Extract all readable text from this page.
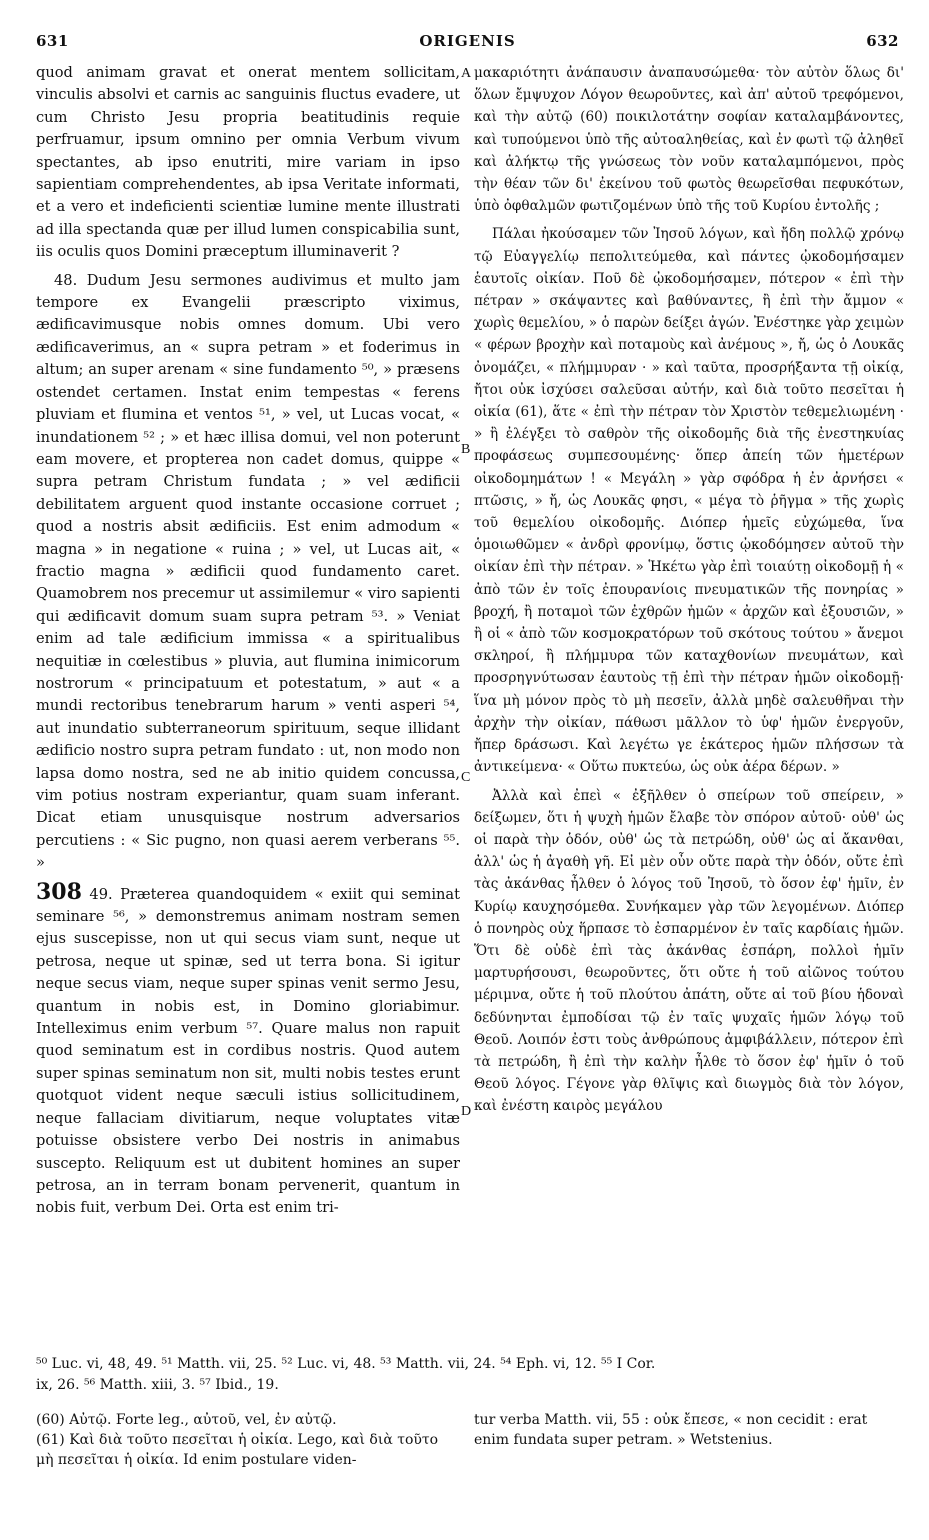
631	ORIGENIS	632

quod animam gravat et onerat mentem sollicitam, vinculis absolvi et carnis ac sanguinis fluctus evadere, ut cum Christo Jesu propria beatitudinis requie perfruamur, ipsum omnino per omnia Verbum vivum spectantes, ab ipso enutriti, mire variam in ipso sapientiam comprehendentes, ab ipsa Veritate informati, et a vero et indeficienti scientiæ lumine mente illustrati ad illa spectanda quæ per illud lumen conspicabilia sunt, iis oculis quos Domini præceptum illuminaverit ?

48. Dudum Jesu sermones audivimus et multo jam tempore ex Evangelii præscripto viximus, ædificavimusque nobis omnes domum. Ubi vero ædificaverimus, an « supra petram » et foderimus in altum; an super arenam « sine fundamento ⁵⁰, » præsens ostendet certamen. Instat enim tempestas « ferens pluviam et flumina et ventos ⁵¹, » vel, ut Lucas vocat, « inundationem ⁵² ; » et hæc illisa domui, vel non poterunt eam movere, et propterea non cadet domus, quippe « supra petram Christum fundata ; » vel ædificii debilitatem arguent quod instante occasione corruet ; quod a nostris absit ædificiis. Est enim admodum « magna » in negatione « ruina ; » vel, ut Lucas ait, « fractio magna » ædificii quod fundamento caret. Quamobrem nos precemur ut assimilemur « viro sapienti qui ædificavit domum suam supra petram ⁵³. » Veniat enim ad tale ædificium immissa « a spiritualibus nequitiæ in cœlestibus » pluvia, aut flumina inimicorum nostrorum « principatuum et potestatum, » aut « a mundi rectoribus tenebrarum harum » venti asperi ⁵⁴, aut inundatio subterraneorum spirituum, seque illidant ædificio nostro supra petram fundato : ut, non modo non lapsa domo nostra, sed ne ab initio quidem concussa, vim potius nostram experiantur, quam suam inferant. Dicat etiam unusquisque nostrum adversarios percutiens : « Sic pugno, non quasi aerem verberans ⁵⁵. »

308 49. Præterea quandoquidem « exiit qui seminat seminare ⁵⁶, » demonstremus animam nostram semen ejus suscepisse, non ut qui secus viam sunt, neque ut petrosa, neque ut spinæ, sed ut terra bona. Si igitur neque secus viam, neque super spinas venit sermo Jesu, quantum in nobis est, in Domino gloriabimur. Intelleximus enim verbum ⁵⁷. Quare malus non rapuit quod seminatum est in cordibus nostris. Quod autem super spinas seminatum non sit, multi nobis testes erunt quotquot vident neque sæculi istius sollicitudinem, neque fallaciam divitiarum, neque voluptates vitæ potuisse obsistere verbo Dei nostris in animabus suscepto. Reliquum est ut dubitent homines an super petrosa, an in terram bonam pervenerit, quantum in nobis fuit, verbum Dei. Orta est enim tri-

A
B
C
D

μακαριότητι ἀνάπαυσιν ἀναπαυσώμεθα· τὸν αὐτὸν ὅλως δι' ὅλων ἔμψυχον Λόγον θεωροῦντες, καὶ ἀπ' αὐτοῦ τρεφόμενοι, καὶ τὴν αὐτῷ (60) ποικιλοτάτην σοφίαν καταλαμβάνοντες, καὶ τυπούμενοι ὑπὸ τῆς αὐτοαληθείας, καὶ ἐν φωτὶ τῷ ἀληθεῖ καὶ ἀλήκτῳ τῆς γνώσεως τὸν νοῦν καταλαμπόμενοι, πρὸς τὴν θέαν τῶν δι' ἐκείνου τοῦ φωτὸς θεωρεῖσθαι πεφυκότων, ὑπὸ ὀφθαλμῶν φωτιζομένων ὑπὸ τῆς τοῦ Κυρίου ἐντολῆς ;

Πάλαι ἠκούσαμεν τῶν Ἰησοῦ λόγων, καὶ ἤδη πολλῷ χρόνῳ τῷ Εὐαγγελίῳ πεπολιτεύμεθα, καὶ πάντες ᾠκοδομήσαμεν ἑαυτοῖς οἰκίαν. Ποῦ δὲ ᾠκοδομήσαμεν, πότερον « ἐπὶ τὴν πέτραν » σκάψαντες καὶ βαθύναντες, ἢ ἐπὶ τὴν ἄμμον « χωρὶς θεμελίου, » ὁ παρὼν δείξει ἀγών. Ἐνέστηκε γὰρ χειμὼν « φέρων βροχὴν καὶ ποταμοὺς καὶ ἀνέμους », ἤ, ὡς ὁ Λουκᾶς ὀνομάζει, « πλήμμυραν · » καὶ ταῦτα, προσρήξαντα τῇ οἰκίᾳ, ἤτοι οὐκ ἰσχύσει σαλεῦσαι αὐτήν, καὶ διὰ τοῦτο πεσεῖται ἡ οἰκία (61), ἅτε « ἐπὶ τὴν πέτραν τὸν Χριστὸν τεθεμελιωμένη · » ἢ ἐλέγξει τὸ σαθρὸν τῆς οἰκοδομῆς διὰ τῆς ἐνεστηκυίας προφάσεως συμπεσουμένης· ὅπερ ἀπείη τῶν ἡμετέρων οἰκοδομημάτων ! « Μεγάλη » γὰρ σφόδρα ἡ ἐν ἀρνήσει « πτῶσις, » ἤ, ὡς Λουκᾶς φησι, « μέγα τὸ ῥῆγμα » τῆς χωρὶς τοῦ θεμελίου οἰκοδομῆς. Διόπερ ἡμεῖς εὐχώμεθα, ἵνα ὁμοιωθῶμεν « ἀνδρὶ φρονίμῳ, ὅστις ᾠκοδόμησεν αὐτοῦ τὴν οἰκίαν ἐπὶ τὴν πέτραν. » Ἡκέτω γὰρ ἐπὶ τοιαύτῃ οἰκοδομῇ ἡ « ἀπὸ τῶν ἐν τοῖς ἐπουρανίοις πνευματικῶν τῆς πονηρίας » βροχή, ἢ ποταμοὶ τῶν ἐχθρῶν ἡμῶν « ἀρχῶν καὶ ἐξουσιῶν, » ἢ οἱ « ἀπὸ τῶν κοσμοκρατόρων τοῦ σκότους τούτου » ἄνεμοι σκληροί, ἢ πλήμμυρα τῶν καταχθονίων πνευμάτων, καὶ προσρηγνύτωσαν ἑαυτοὺς τῇ ἐπὶ τὴν πέτραν ἡμῶν οἰκοδομῇ· ἵνα μὴ μόνον πρὸς τὸ μὴ πεσεῖν, ἀλλὰ μηδὲ σαλευθῆναι τὴν ἀρχὴν τὴν οἰκίαν, πάθωσι μᾶλλον τὸ ὑφ' ἡμῶν ἐνεργοῦν, ἤπερ δράσωσι. Καὶ λεγέτω γε ἑκάτερος ἡμῶν πλήσσων τὰ ἀντικείμενα· « Οὕτω πυκτεύω, ὡς οὐκ ἀέρα δέρων. »

Ἀλλὰ καὶ ἐπεὶ « ἐξῆλθεν ὁ σπείρων τοῦ σπείρειν, » δείξωμεν, ὅτι ἡ ψυχὴ ἡμῶν ἔλαβε τὸν σπόρον αὐτοῦ· οὐθ' ὡς οἱ παρὰ τὴν ὁδόν, οὐθ' ὡς τὰ πετρώδη, οὐθ' ὡς αἱ ἄκανθαι, ἀλλ' ὡς ἡ ἀγαθὴ γῆ. Εἰ μὲν οὖν οὔτε παρὰ τὴν ὁδόν, οὔτε ἐπὶ τὰς ἀκάνθας ἦλθεν ὁ λόγος τοῦ Ἰησοῦ, τὸ ὅσον ἐφ' ἡμῖν, ἐν Κυρίῳ καυχησόμεθα. Συνήκαμεν γὰρ τῶν λεγομένων. Διόπερ ὁ πονηρὸς οὐχ ἥρπασε τὸ ἐσπαρμένον ἐν ταῖς καρδίαις ἡμῶν. Ὅτι δὲ οὐδὲ ἐπὶ τὰς ἀκάνθας ἐσπάρη, πολλοὶ ἡμῖν μαρτυρήσουσι, θεωροῦντες, ὅτι οὔτε ἡ τοῦ αἰῶνος τούτου μέριμνα, οὔτε ἡ τοῦ πλούτου ἀπάτη, οὔτε αἱ τοῦ βίου ἡδοναὶ δεδύνηνται ἐμποδίσαι τῷ ἐν ταῖς ψυχαῖς ἡμῶν λόγῳ τοῦ Θεοῦ. Λοιπόν ἐστι τοὺς ἀνθρώπους ἀμφιβάλλειν, πότερον ἐπὶ τὰ πετρώδη, ἢ ἐπὶ τὴν καλὴν ἦλθε τὸ ὅσον ἐφ' ἡμῖν ὁ τοῦ Θεοῦ λόγος. Γέγονε γὰρ θλῖψις καὶ διωγμὸς διὰ τὸν λόγον, καὶ ἐνέστη καιρὸς μεγάλου

⁵⁰ Luc. vi, 48, 49. ⁵¹ Matth. vii, 25. ⁵² Luc. vi, 48. ⁵³ Matth. vii, 24. ⁵⁴ Eph. vi, 12. ⁵⁵ I Cor.

ix, 26. ⁵⁶ Matth. xiii, 3. ⁵⁷ Ibid., 19.

(60) Αὐτῷ. Forte leg., αὐτοῦ, vel, ἐν αὐτῷ.

(61) Καὶ διὰ τοῦτο πεσεῖται ἡ οἰκία. Lego, καὶ διὰ τοῦτο μὴ πεσεῖται ἡ οἰκία. Id enim postulare viden-

tur verba Matth. vii, 55 : οὐκ ἔπεσε, « non cecidit : erat enim fundata super petram. » Wetstenius.
